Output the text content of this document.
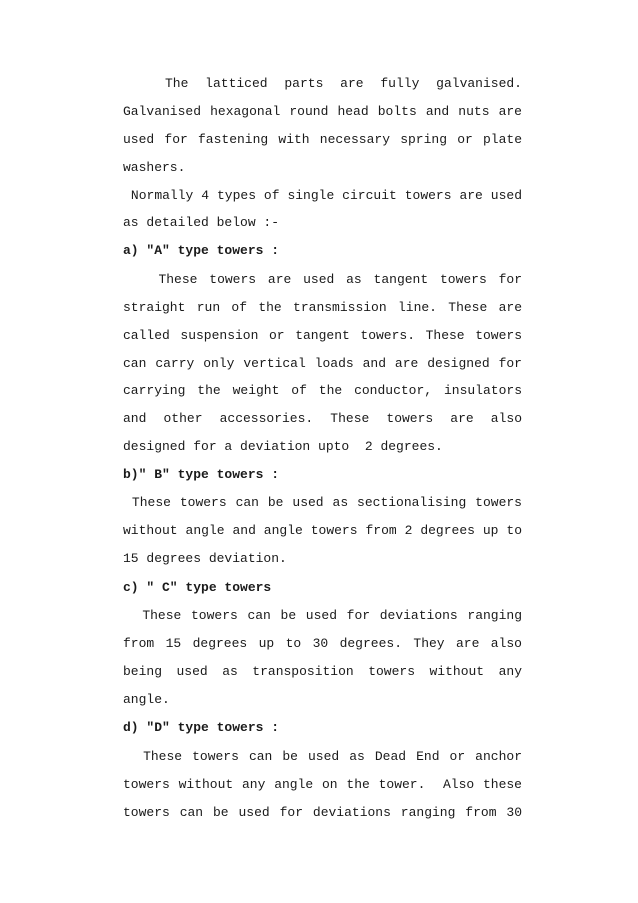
The  latticed  parts  are  fully  galvanised.
Galvanised hexagonal round head bolts and nuts are
used for fastening with necessary spring or plate
washers.
Normally 4 types of single circuit towers are used
as detailed below :-
a) "A" type towers :
These towers are used as tangent towers for
straight run of the transmission line. These are
called suspension or tangent towers. These towers
can carry only vertical loads and are designed for
carrying the weight of the conductor, insulators
and other accessories. These towers are also
designed for a deviation upto  2 degrees.
b)" B" type towers :
These towers can be used as sectionalising towers
without angle and angle towers from 2 degrees up to
15 degrees deviation.
c) " C" type towers
These towers can be used for deviations ranging
from 15 degrees up to 30 degrees. They are also
being used as transposition towers without any
angle.
d) "D" type towers :
These towers can be used as Dead End or anchor
towers without any angle on the tower.  Also these
towers can be used for deviations ranging from 30
